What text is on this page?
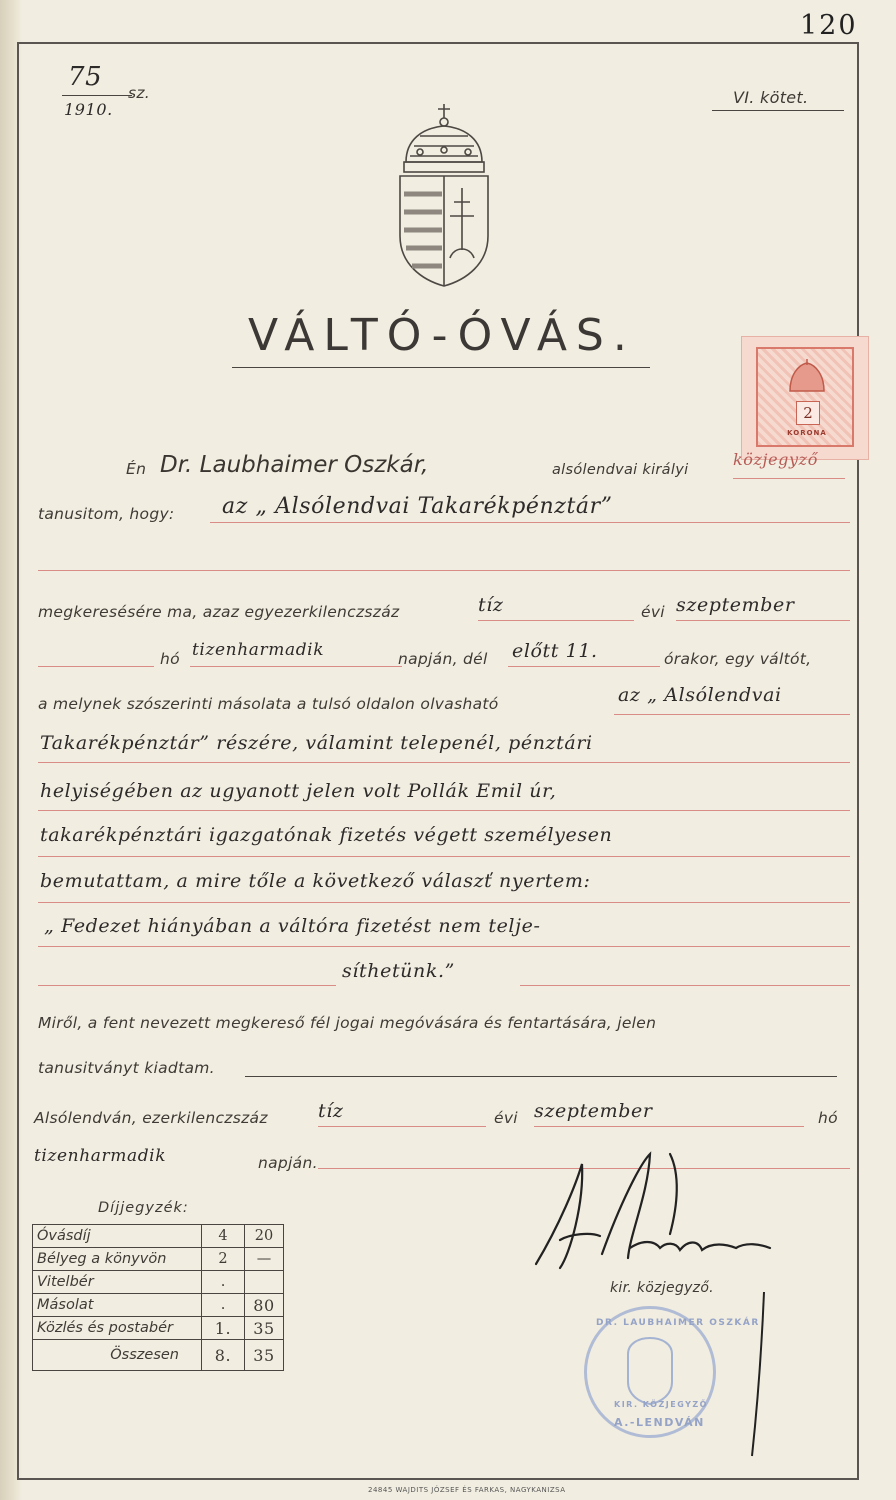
120
75
sz.
1910.
VI. kötet.
VÁLTÓ-ÓVÁS.
2
KORONA
Én Dr. Laubhaimer Oszkár,	alsólendvai királyi
közjegyző
tanusitom, hogy: az „ Alsólendvai Takarékpénztár”
megkeresésére ma, azaz egyezerkilenczszáz	tíz	évi szeptember
hó tizenharmadik	napján, dél előtt 11.	órakor, egy váltót,
a melynek szószerinti másolata a tulsó oldalon olvasható	az „ Alsólendvai
Takarékpénztár” részére, válamint telepenél, pénztári
helyiségében az ugyanott jelen volt Pollák Emil úr,
takarékpénztári igazgatónak fizetés végett személyesen
bemutattam, a mire tőle a következő válaszť nyertem:
„ Fedezet hiányában a váltóra fizetést nem telje-
síthetünk.”
Miről, a fent nevezett megkereső fél jogai megóvására és fentartására, jelen
tanusitványt kiadtam.
Alsólendván, ezerkilenczszáz	tíz	évi szeptember	hó
tizenharmadik	napján.
Díjjegyzék:
Óvásdíj	4	20
Bélyeg a könyvön	2	—
Vitelbér	.	
Másolat	.	80
Közlés és postabér	1.	35
Összesen	8.	35
kir. közjegyző.
DR. LAUBHAIMER OSZKÁR
KIR. KÖZJEGYZŐ
A.-LENDVÁN
24845 WAJDITS JÓZSEF ÉS FARKAS, NAGYKANIZSA
